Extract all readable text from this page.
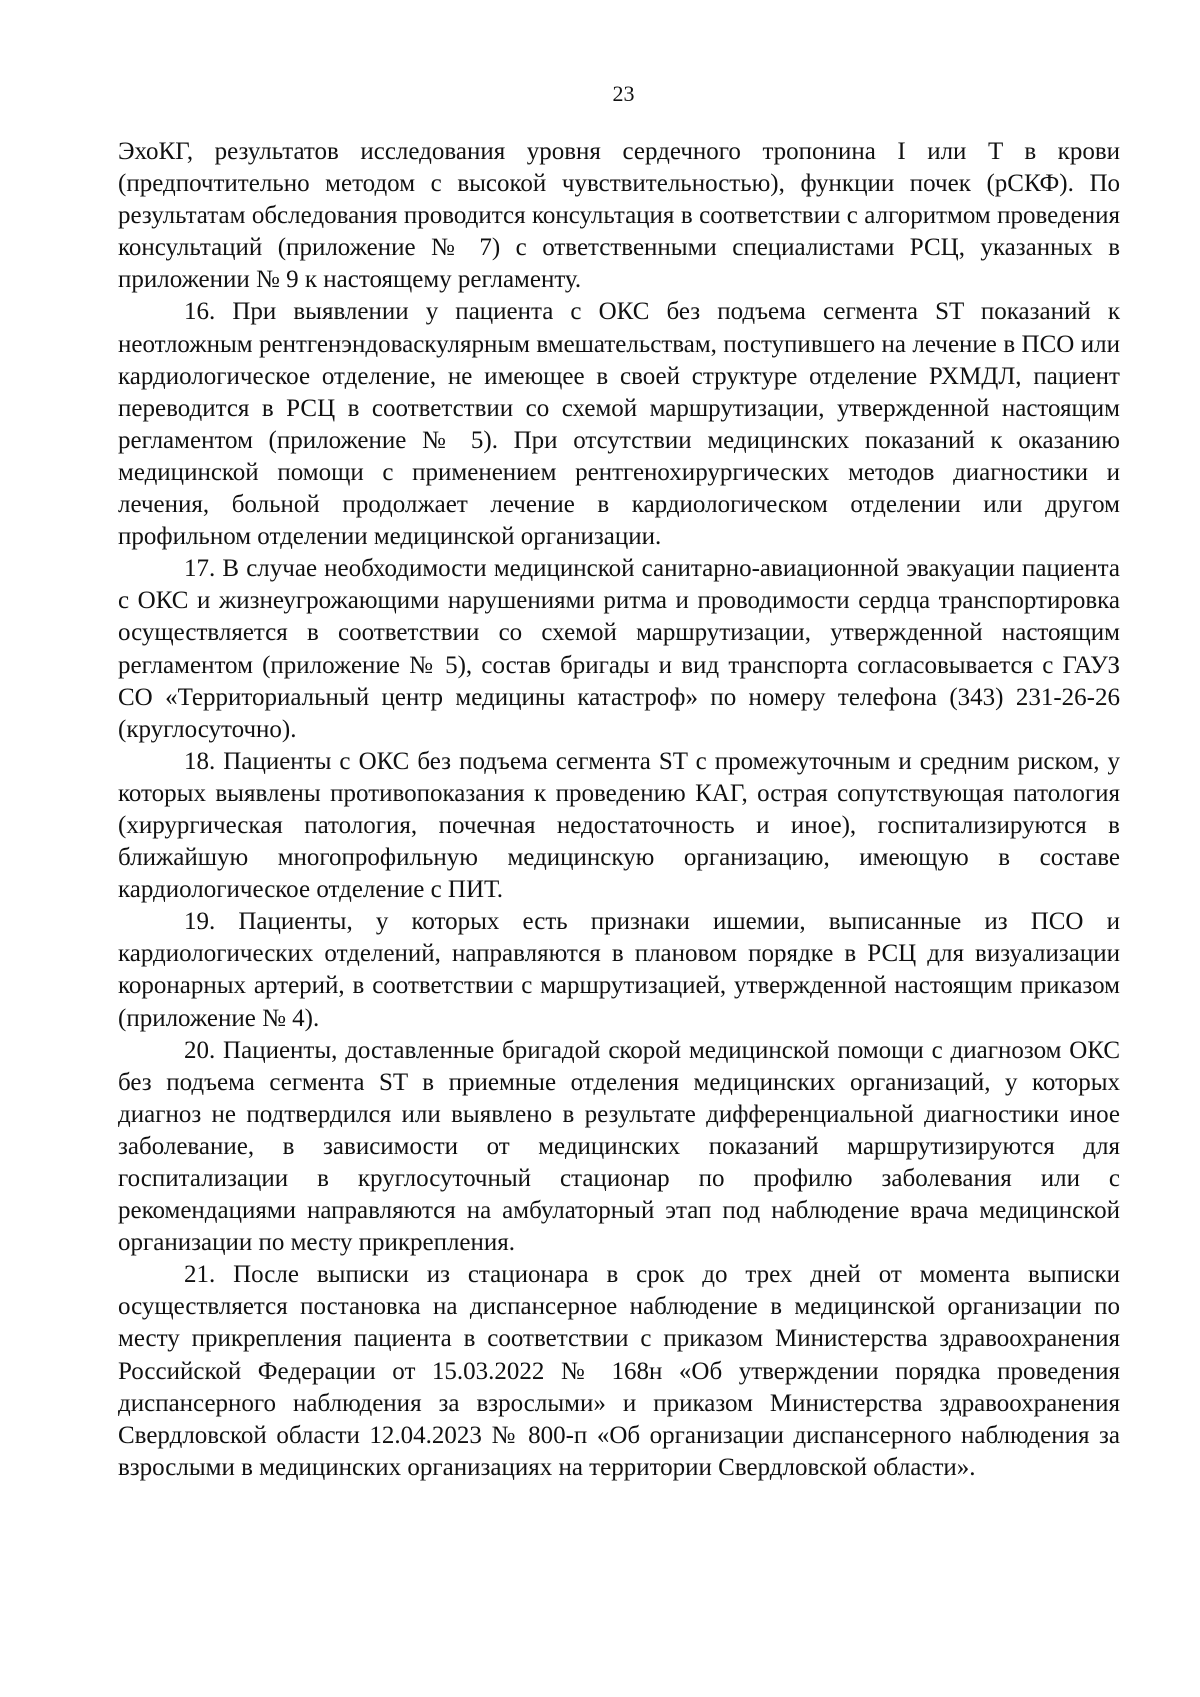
23

ЭхоКГ, результатов исследования уровня сердечного тропонина I или T в крови (предпочтительно методом с высокой чувствительностью), функции почек (рСКФ). По результатам обследования проводится консультация в соответствии с алгоритмом проведения консультаций (приложение № 7) с ответственными специалистами РСЦ, указанных в приложении № 9 к настоящему регламенту.

16. При выявлении у пациента с ОКС без подъема сегмента ST показаний к неотложным рентгенэндоваскулярным вмешательствам, поступившего на лечение в ПСО или кардиологическое отделение, не имеющее в своей структуре отделение РХМДЛ, пациент переводится в РСЦ в соответствии со схемой маршрутизации, утвержденной настоящим регламентом (приложение № 5). При отсутствии медицинских показаний к оказанию медицинской помощи с применением рентгенохирургических методов диагностики и лечения, больной продолжает лечение в кардиологическом отделении или другом профильном отделении медицинской организации.

17. В случае необходимости медицинской санитарно-авиационной эвакуации пациента с ОКС и жизнеугрожающими нарушениями ритма и проводимости сердца транспортировка осуществляется в соответствии со схемой маршрутизации, утвержденной настоящим регламентом (приложение № 5), состав бригады и вид транспорта согласовывается с ГАУЗ СО «Территориальный центр медицины катастроф» по номеру телефона (343) 231-26-26 (круглосуточно).

18. Пациенты с ОКС без подъема сегмента ST с промежуточным и средним риском, у которых выявлены противопоказания к проведению КАГ, острая сопутствующая патология (хирургическая патология, почечная недостаточность и иное), госпитализируются в ближайшую многопрофильную медицинскую организацию, имеющую в составе кардиологическое отделение с ПИТ.

19. Пациенты, у которых есть признаки ишемии, выписанные из ПСО и кардиологических отделений, направляются в плановом порядке в РСЦ для визуализации коронарных артерий, в соответствии с маршрутизацией, утвержденной настоящим приказом (приложение № 4).

20. Пациенты, доставленные бригадой скорой медицинской помощи с диагнозом ОКС без подъема сегмента ST в приемные отделения медицинских организаций, у которых диагноз не подтвердился или выявлено в результате дифференциальной диагностики иное заболевание, в зависимости от медицинских показаний маршрутизируются для госпитализации в круглосуточный стационар по профилю заболевания или с рекомендациями направляются на амбулаторный этап под наблюдение врача медицинской организации по месту прикрепления.

21. После выписки из стационара в срок до трех дней от момента выписки осуществляется постановка на диспансерное наблюдение в медицинской организации по месту прикрепления пациента в соответствии с приказом Министерства здравоохранения Российской Федерации от 15.03.2022 № 168н «Об утверждении порядка проведения диспансерного наблюдения за взрослыми» и приказом Министерства здравоохранения Свердловской области 12.04.2023 № 800-п «Об организации диспансерного наблюдения за взрослыми в медицинских организациях на территории Свердловской области».
